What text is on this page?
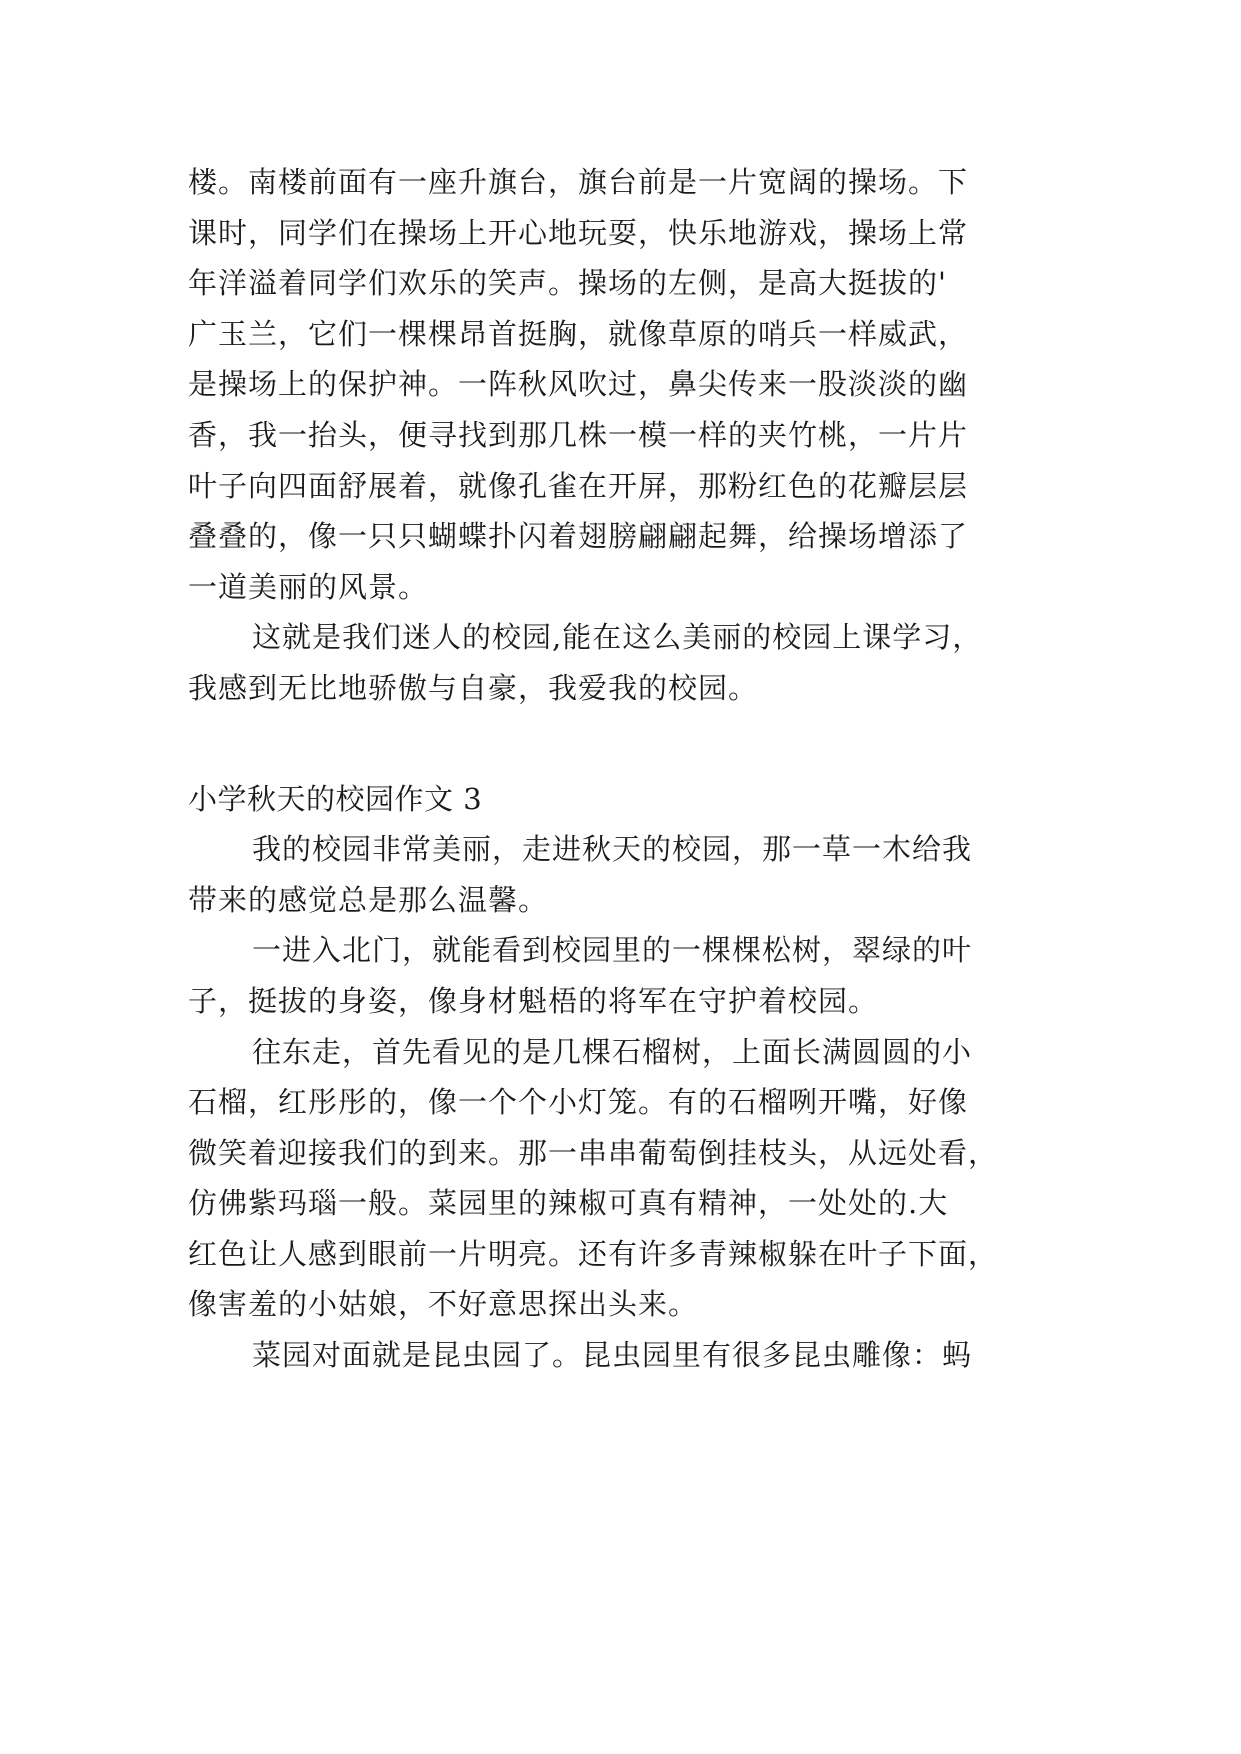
楼。南楼前面有一座升旗台，旗台前是一片宽阔的操场。下
课时，同学们在操场上开心地玩耍，快乐地游戏，操场上常
年洋溢着同学们欢乐的笑声。操场的左侧，是高大挺拔的'
广玉兰，它们一棵棵昂首挺胸，就像草原的哨兵一样威武，
是操场上的保护神。一阵秋风吹过，鼻尖传来一股淡淡的幽
香，我一抬头，便寻找到那几株一模一样的夹竹桃，一片片
叶子向四面舒展着，就像孔雀在开屏，那粉红色的花瓣层层
叠叠的，像一只只蝴蝶扑闪着翅膀翩翩起舞，给操场增添了
一道美丽的风景。
这就是我们迷人的校园,能在这么美丽的校园上课学习，
我感到无比地骄傲与自豪，我爱我的校园。
小学秋天的校园作文 3
我的校园非常美丽，走进秋天的校园，那一草一木给我
带来的感觉总是那么温馨。
一进入北门，就能看到校园里的一棵棵松树，翠绿的叶
子，挺拔的身姿，像身材魁梧的将军在守护着校园。
往东走，首先看见的是几棵石榴树，上面长满圆圆的小
石榴，红彤彤的，像一个个小灯笼。有的石榴咧开嘴，好像
微笑着迎接我们的到来。那一串串葡萄倒挂枝头，从远处看，
仿佛紫玛瑙一般。菜园里的辣椒可真有精神，一处处的.大
红色让人感到眼前一片明亮。还有许多青辣椒躲在叶子下面，
像害羞的小姑娘，不好意思探出头来。
菜园对面就是昆虫园了。昆虫园里有很多昆虫雕像：蚂
